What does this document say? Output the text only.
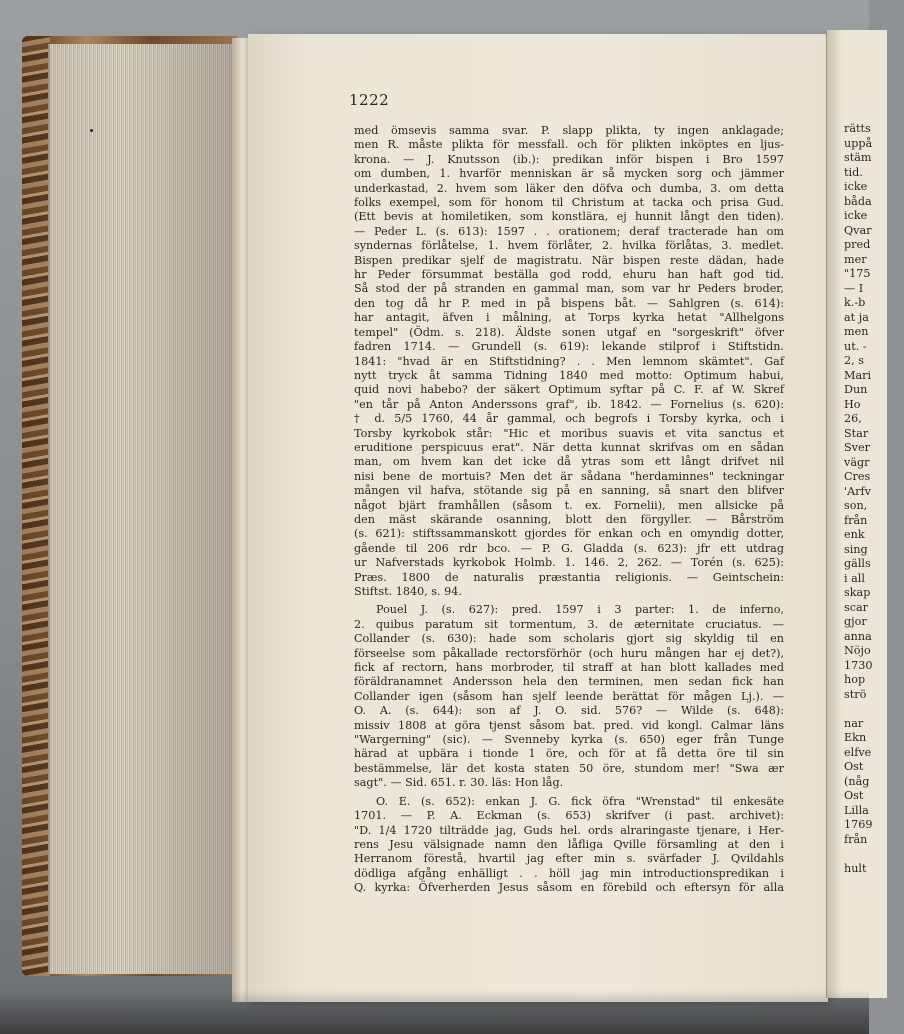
1222
med ömsevis samma svar. P. slapp plikta, ty ingen anklagade;
men R. måste plikta för messfall. och för plikten inköptes en ljus-
krona. — J. Knutsson (ib.): predikan inför bispen i Bro 1597
om dumben, 1. hvarför menniskan är så mycken sorg och jämmer
underkastad, 2. hvem som läker den döfva och dumba, 3. om detta
folks exempel, som för honom til Christum at tacka och prisa Gud.
(Ett bevis at homiletiken, som konstlära, ej hunnit långt den tiden).
— Peder L. (s. 613): 1597 . . orationem; deraf tracterade han om
syndernas förlåtelse, 1. hvem förlåter, 2. hvilka förlåtas, 3. medlet.
Bispen predikar sjelf de magistratu. När bispen reste dädan, hade
hr Peder försummat beställa god rodd, ehuru han haft god tid.
Så stod der på stranden en gammal man, som var hr Peders broder,
den tog då hr P. med in på bispens båt. — Sahlgren (s. 614):
har antagit, äfven i målning, at Torps kyrka hetat "Allhelgons
tempel" (Ödm. s. 218). Äldste sonen utgaf en "sorgeskrift" öfver
fadren 1714. — Grundell (s. 619): lekande stilprof i Stiftstidn.
1841: "hvad är en Stiftstidning? . . Men lemnom skämtet". Gaf
nytt tryck åt samma Tidning 1840 med motto: Optimum habui,
quid novi habebo? der säkert Optimum syftar på C. F. af W. Skref
"en tår på Anton Anderssons graf", ib. 1842. — Fornelius (s. 620):
† d. 5/5 1760, 44 år gammal, och begrofs i Torsby kyrka, och i
Torsby kyrkobok står: "Hic et moribus suavis et vita sanctus et
eruditione perspicuus erat". När detta kunnat skrifvas om en sådan
man, om hvem kan det icke då ytras som ett långt drifvet nil
nisi bene de mortuis? Men det är sådana "herdaminnes" teckningar
mången vil hafva, stötande sig på en sanning, så snart den blifver
något bjärt framhållen (såsom t. ex. Fornelii), men allsicke på
den mäst skärande osanning, blott den förgyller. — Bårström
(s. 621): stiftssammanskott gjordes för enkan och en omyndig dotter,
gående til 206 rdr bco. — P. G. Gladda (s. 623): jfr ett utdrag
ur Nafverstads kyrkobok Holmb. 1. 146. 2, 262. — Torén (s. 625):
Præs. 1800 de naturalis præstantia religionis. — Geintschein:
Stiftst. 1840, s. 94.
Pouel J. (s. 627): pred. 1597 i 3 parter: 1. de inferno,
2. quibus paratum sit tormentum, 3. de æternitate cruciatus. —
Collander (s. 630): hade som scholaris gjort sig skyldig til en
förseelse som påkallade rectorsförhör (och huru mången har ej det?),
fick af rectorn, hans morbroder, til straff at han blott kallades med
föräldranamnet Andersson hela den terminen, men sedan fick han
Collander igen (såsom han sjelf leende berättat för mågen Lj.). —
O. A. (s. 644): son af J. O. sid. 576? — Wilde (s. 648):
missiv 1808 at göra tjenst såsom bat. pred. vid kongl. Calmar läns
"Wargerning" (sic). — Svenneby kyrka (s. 650) eger från Tunge
härad at upbära i tionde 1 öre, och för at få detta öre til sin
bestämmelse, lär det kosta staten 50 öre, stundom mer! "Swa ær
sagt". — Sid. 651. r. 30. läs: Hon låg.
O. E. (s. 652): enkan J. G. fick öfra "Wrenstad" til enkesäte
1701. — P. A. Eckman (s. 653) skrifver (i past. archivet):
"D. 1/4 1720 tilträdde jag, Guds hel. ords alraringaste tjenare, i Her-
rens Jesu välsignade namn den låfliga Qville församling at den i
Herranom förestå, hvartil jag efter min s. svärfader J. Qvildahls
dödliga afgång enhälligt . . höll jag min introductionspredikan i
Q. kyrka: Öfverherden Jesus såsom en förebild och eftersyn för alla
rätts
uppå
stäm
tid.
icke
båda
icke
Qvar
pred
mer
"175
— I
k.-b
at ja
men
ut. -
2, s
Mari
Dun
Ho
26,
Star
Sver
vägr
Cres
'Arfv
son,
från
enk
sing
gälls
i all
skap
scar
gjor
anna
Nöjo
1730
hop
strö

nar
Ekn
elfve
Ost
(någ
Ost
Lilla
1769
från

hult
